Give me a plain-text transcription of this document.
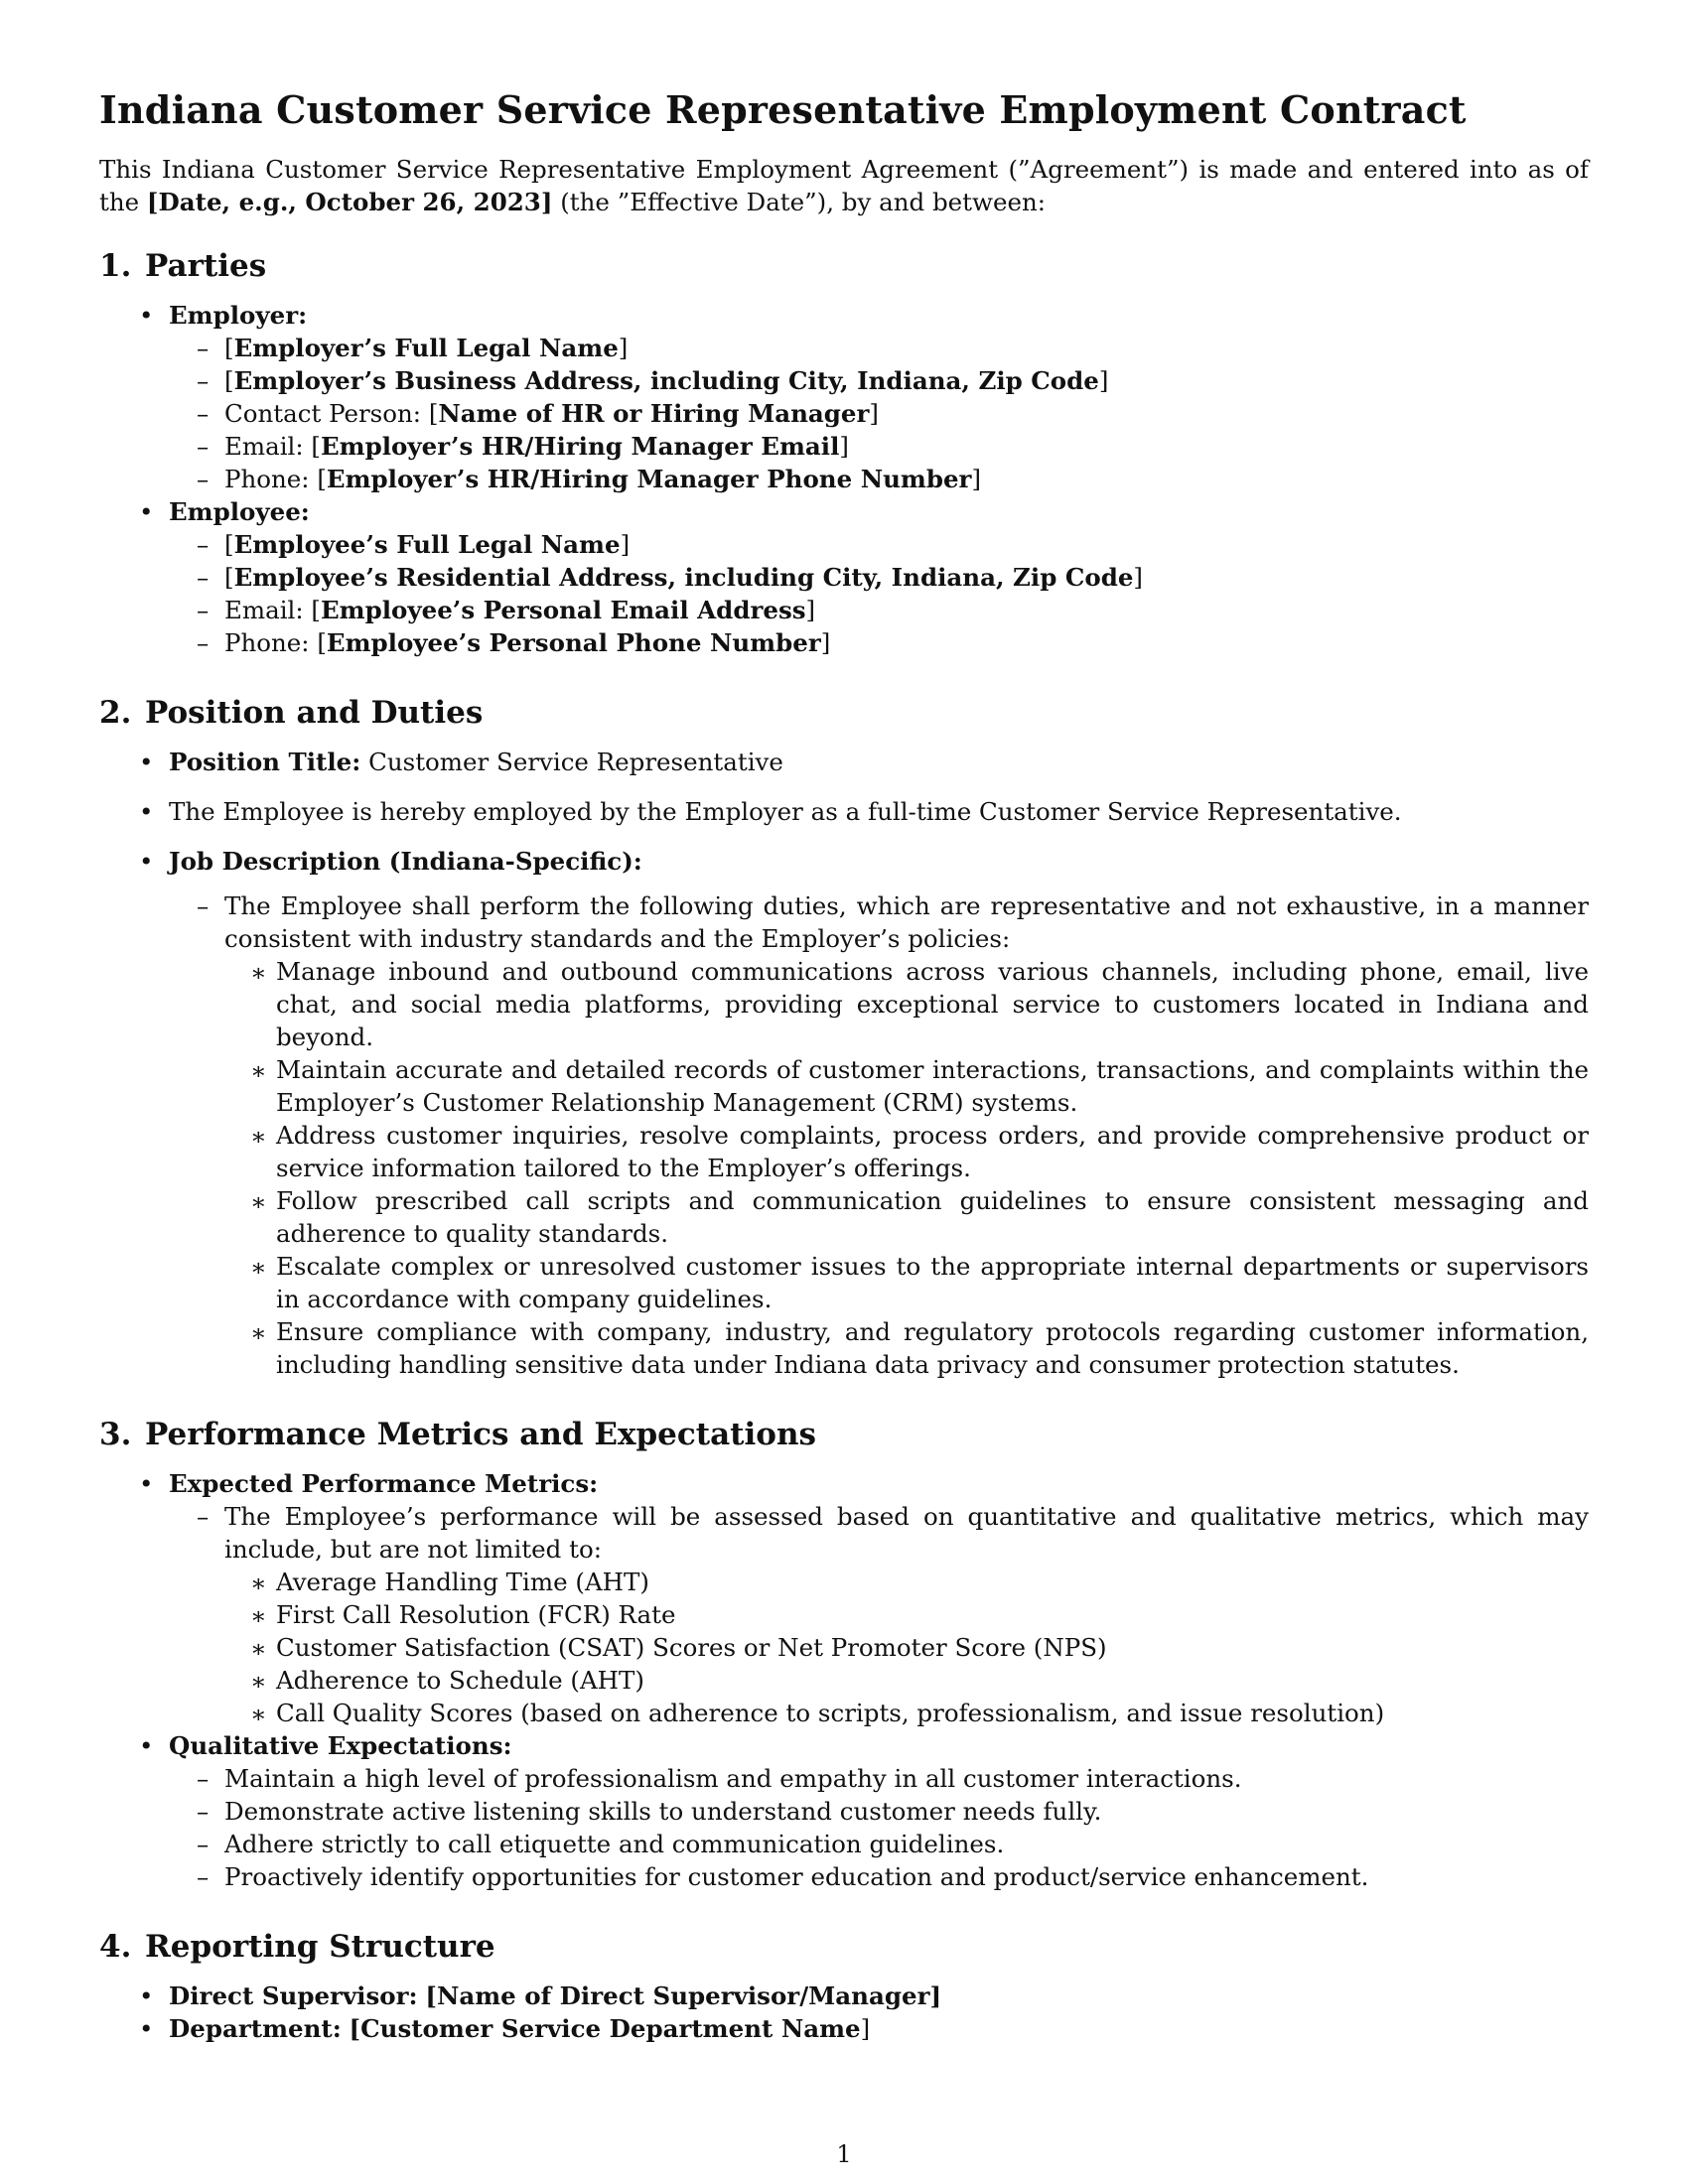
Indiana Customer Service Representative Employment Contract

This Indiana Customer Service Representative Employment Agreement (”Agreement”) is made and entered into as of the [Date, e.g., October 26, 2023] (the ”Effective Date”), by and between:

1. Parties
• Employer:
– [Employer’s Full Legal Name]
– [Employer’s Business Address, including City, Indiana, Zip Code]
– Contact Person: [Name of HR or Hiring Manager]
– Email: [Employer’s HR/Hiring Manager Email]
– Phone: [Employer’s HR/Hiring Manager Phone Number]
• Employee:
– [Employee’s Full Legal Name]
– [Employee’s Residential Address, including City, Indiana, Zip Code]
– Email: [Employee’s Personal Email Address]
– Phone: [Employee’s Personal Phone Number]
2. Position and Duties
• Position Title: Customer Service Representative
• The Employee is hereby employed by the Employer as a full-time Customer Service Representative.
• Job Description (Indiana-Specific):
– The Employee shall perform the following duties, which are representative and not exhaustive, in a manner consistent with industry standards and the Employer’s policies:
∗ Manage inbound and outbound communications across various channels, including phone, email, live chat, and social media platforms, providing exceptional service to customers located in Indiana and beyond.
∗ Maintain accurate and detailed records of customer interactions, transactions, and complaints within the Employer’s Customer Relationship Management (CRM) systems.
∗ Address customer inquiries, resolve complaints, process orders, and provide comprehensive product or service information tailored to the Employer’s offerings.
∗ Follow prescribed call scripts and communication guidelines to ensure consistent messaging and adherence to quality standards.
∗ Escalate complex or unresolved customer issues to the appropriate internal departments or supervisors in accordance with company guidelines.
∗ Ensure compliance with company, industry, and regulatory protocols regarding customer information, including handling sensitive data under Indiana data privacy and consumer protection statutes.
3. Performance Metrics and Expectations
• Expected Performance Metrics:
– The Employee’s performance will be assessed based on quantitative and qualitative metrics, which may include, but are not limited to:
∗ Average Handling Time (AHT)
∗ First Call Resolution (FCR) Rate
∗ Customer Satisfaction (CSAT) Scores or Net Promoter Score (NPS)
∗ Adherence to Schedule (AHT)
∗ Call Quality Scores (based on adherence to scripts, professionalism, and issue resolution)
• Qualitative Expectations:
– Maintain a high level of professionalism and empathy in all customer interactions.
– Demonstrate active listening skills to understand customer needs fully.
– Adhere strictly to call etiquette and communication guidelines.
– Proactively identify opportunities for customer education and product/service enhancement.
4. Reporting Structure
• Direct Supervisor: [Name of Direct Supervisor/Manager]
• Department: [Customer Service Department Name]
1
